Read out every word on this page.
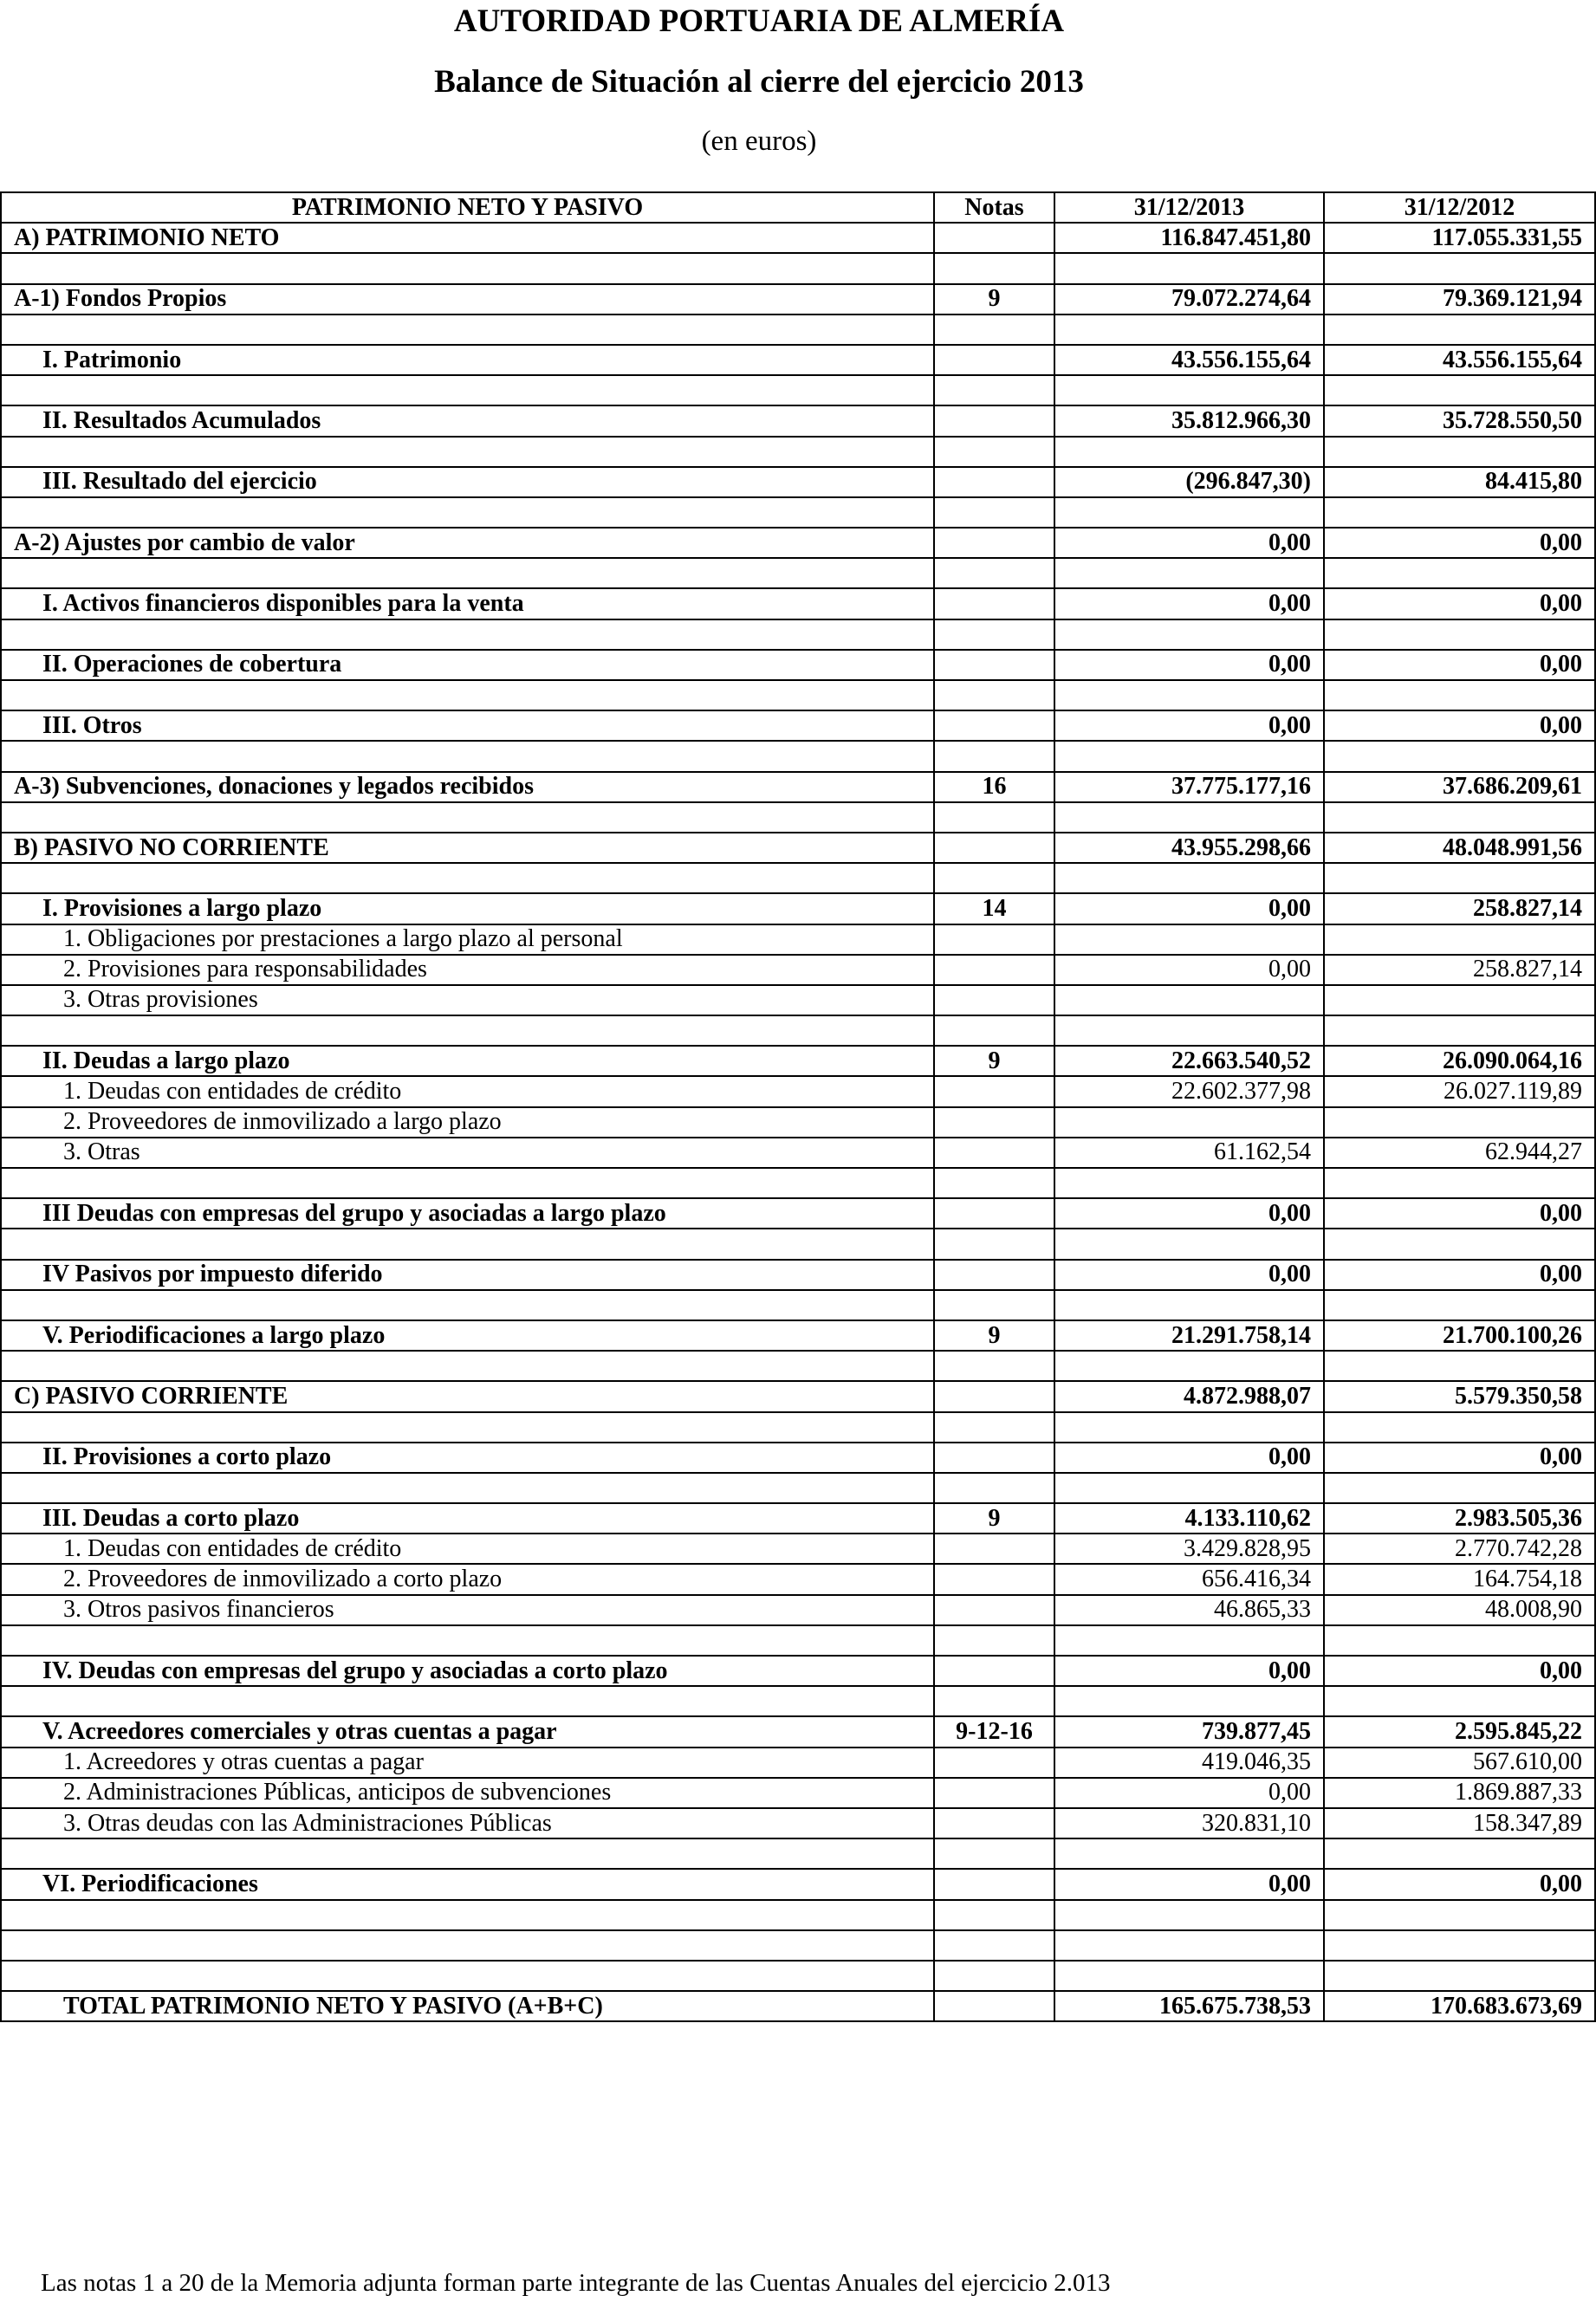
AUTORIDAD PORTUARIA DE ALMERÍA
Balance de Situación al cierre del ejercicio 2013
(en euros)
PATRIMONIO NETO Y PASIVO	Notas	31/12/2013	31/12/2012
A) PATRIMONIO NETO		116.847.451,80	117.055.331,55

A-1) Fondos Propios	9	79.072.274,64	79.369.121,94

I. Patrimonio		43.556.155,64	43.556.155,64

II. Resultados Acumulados		35.812.966,30	35.728.550,50

III. Resultado del ejercicio		(296.847,30)	84.415,80

A-2) Ajustes por cambio de valor		0,00	0,00

I. Activos financieros disponibles para la venta		0,00	0,00

II. Operaciones de cobertura		0,00	0,00

III. Otros		0,00	0,00

A-3) Subvenciones, donaciones y legados recibidos	16	37.775.177,16	37.686.209,61

B) PASIVO NO CORRIENTE		43.955.298,66	48.048.991,56

I. Provisiones a largo plazo	14	0,00	258.827,14
1. Obligaciones por prestaciones a largo plazo al personal			
2. Provisiones para responsabilidades		0,00	258.827,14
3. Otras provisiones			

II. Deudas a largo plazo	9	22.663.540,52	26.090.064,16
1. Deudas con entidades de crédito		22.602.377,98	26.027.119,89
2. Proveedores de inmovilizado a largo plazo			
3. Otras		61.162,54	62.944,27

III Deudas con empresas del grupo y asociadas a largo plazo		0,00	0,00

IV Pasivos por impuesto diferido		0,00	0,00

V. Periodificaciones a largo plazo	9	21.291.758,14	21.700.100,26

C) PASIVO CORRIENTE		4.872.988,07	5.579.350,58

II. Provisiones a corto plazo		0,00	0,00

III. Deudas a corto plazo	9	4.133.110,62	2.983.505,36
1. Deudas con entidades de crédito		3.429.828,95	2.770.742,28
2. Proveedores de inmovilizado a corto plazo		656.416,34	164.754,18
3. Otros pasivos financieros		46.865,33	48.008,90

IV. Deudas con empresas del grupo y asociadas a corto plazo		0,00	0,00

V. Acreedores comerciales y otras cuentas a pagar	9-12-16	739.877,45	2.595.845,22
1. Acreedores y otras cuentas a pagar		419.046,35	567.610,00
2. Administraciones Públicas, anticipos de subvenciones		0,00	1.869.887,33
3. Otras deudas con las Administraciones Públicas		320.831,10	158.347,89

VI. Periodificaciones		0,00	0,00

TOTAL PATRIMONIO NETO Y PASIVO (A+B+C)		165.675.738,53	170.683.673,69
Las notas 1 a 20 de la Memoria adjunta forman parte integrante de las Cuentas Anuales del ejercicio 2.013
